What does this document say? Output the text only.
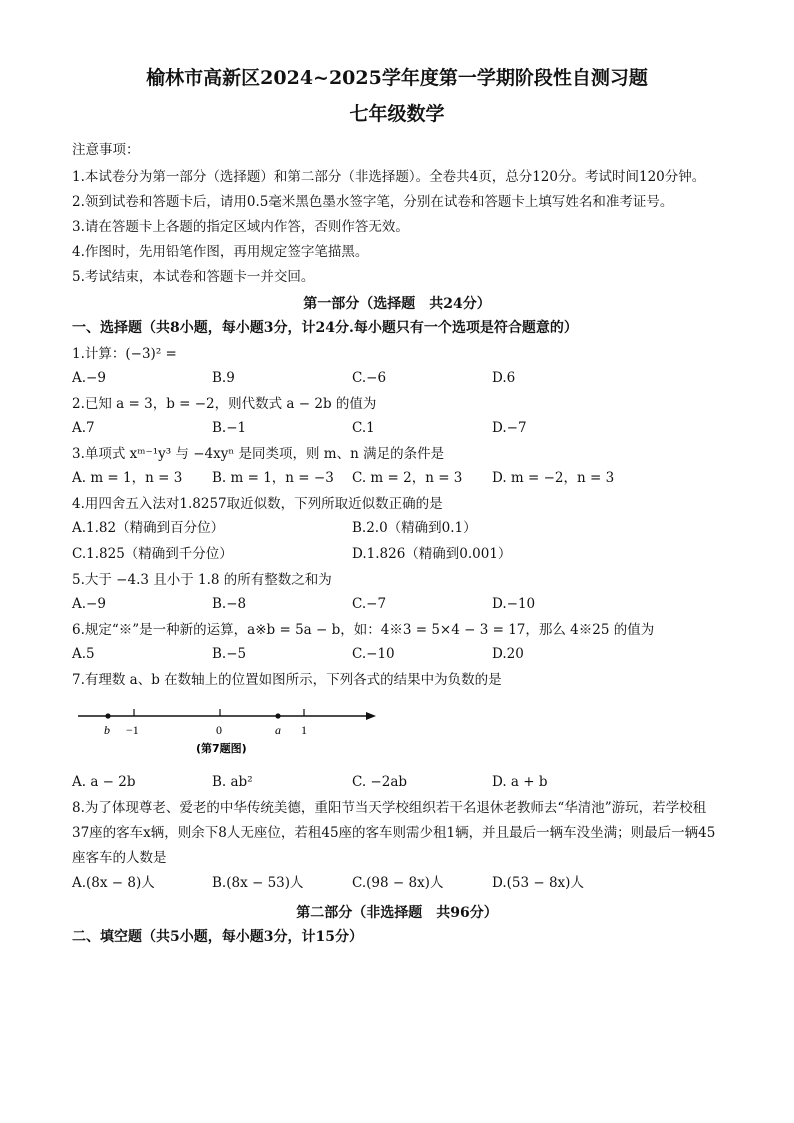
榆林市高新区2024~2025学年度第一学期阶段性自测习题
七年级数学
注意事项：
1.本试卷分为第一部分（选择题）和第二部分（非选择题）。全卷共4页，总分120分。考试时间120分钟。
2.领到试卷和答题卡后，请用0.5毫米黑色墨水签字笔，分别在试卷和答题卡上填写姓名和准考证号。
3.请在答题卡上各题的指定区域内作答，否则作答无效。
4.作图时，先用铅笔作图，再用规定签字笔描黑。
5.考试结束，本试卷和答题卡一并交回。
第一部分（选择题　共24分）
一、选择题（共8小题，每小题3分，计24分.每小题只有一个选项是符合题意的）
1.计算：(−3)² =
A.−9	B.9	C.−6	D.6
2.已知 a = 3，b = −2，则代数式 a − 2b 的值为
A.7	B.−1	C.1	D.−7
3.单项式 xᵐ⁻¹y³ 与 −4xyⁿ 是同类项，则 m、n 满足的条件是
A. m = 1，n = 3	B. m = 1，n = −3	C. m = 2，n = 3	D. m = −2，n = 3
4.用四舍五入法对1.8257取近似数，下列所取近似数正确的是
A.1.82（精确到百分位）	B.2.0（精确到0.1）
C.1.825（精确到千分位）	D.1.826（精确到0.001）
5.大于 −4.3 且小于 1.8 的所有整数之和为
A.−9	B.−8	C.−7	D.−10
6.规定“※”是一种新的运算，a※b = 5a − b，如：4※3 = 5×4 − 3 = 17，那么 4※25 的值为
A.5	B.−5	C.−10	D.20
7.有理数 a、b 在数轴上的位置如图所示，下列各式的结果中为负数的是
b −1	0	a 1
(第7题图)
A. a − 2b	B. ab²	C. −2ab	D. a + b
8.为了体现尊老、爱老的中华传统美德，重阳节当天学校组织若干名退休老教师去“华清池”游玩，若学校租37座的客车x辆，则余下8人无座位，若租45座的客车则需少租1辆，并且最后一辆车没坐满；则最后一辆45座客车的人数是
A.(8x − 8)人	B.(8x − 53)人	C.(98 − 8x)人	D.(53 − 8x)人
第二部分（非选择题　共96分）
二、填空题（共5小题，每小题3分，计15分）
